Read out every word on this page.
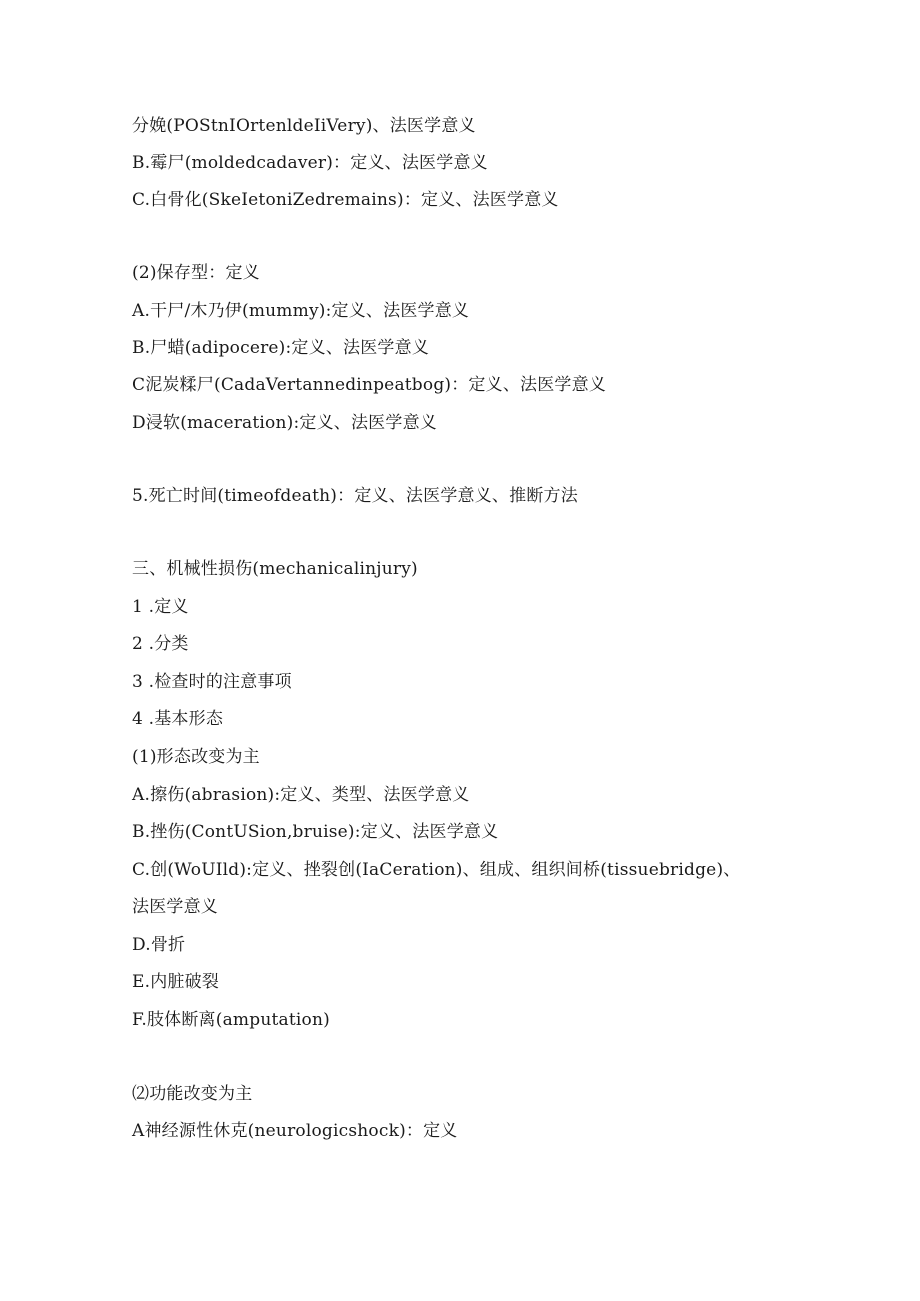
分娩(POStnIOrtenldeIiVery)、法医学意义
B.霉尸(moldedcadaver)：定义、法医学意义
C.白骨化(SkeIetoniZedremains)：定义、法医学意义
(2)保存型：定义
A.干尸/木乃伊(mummy):定义、法医学意义
B.尸蜡(adipocere):定义、法医学意义
C泥炭糅尸(CadaVertannedinpeatbog)：定义、法医学意义
D浸软(maceration):定义、法医学意义
5.死亡时间(timeofdeath)：定义、法医学意义、推断方法
三、机械性损伤(mechanicalinjury)
1 .定义
2 .分类
3 .检查时的注意事项
4 .基本形态
(1)形态改变为主
A.擦伤(abrasion):定义、类型、法医学意义
B.挫伤(ContUSion,bruise):定义、法医学意义
C.创(WoUIld):定义、挫裂创(IaCeration)、组成、组织间桥(tissuebridge)、
法医学意义
D.骨折
E.内脏破裂
F.肢体断离(amputation)
⑵功能改变为主
A神经源性休克(neurologicshock)：定义
